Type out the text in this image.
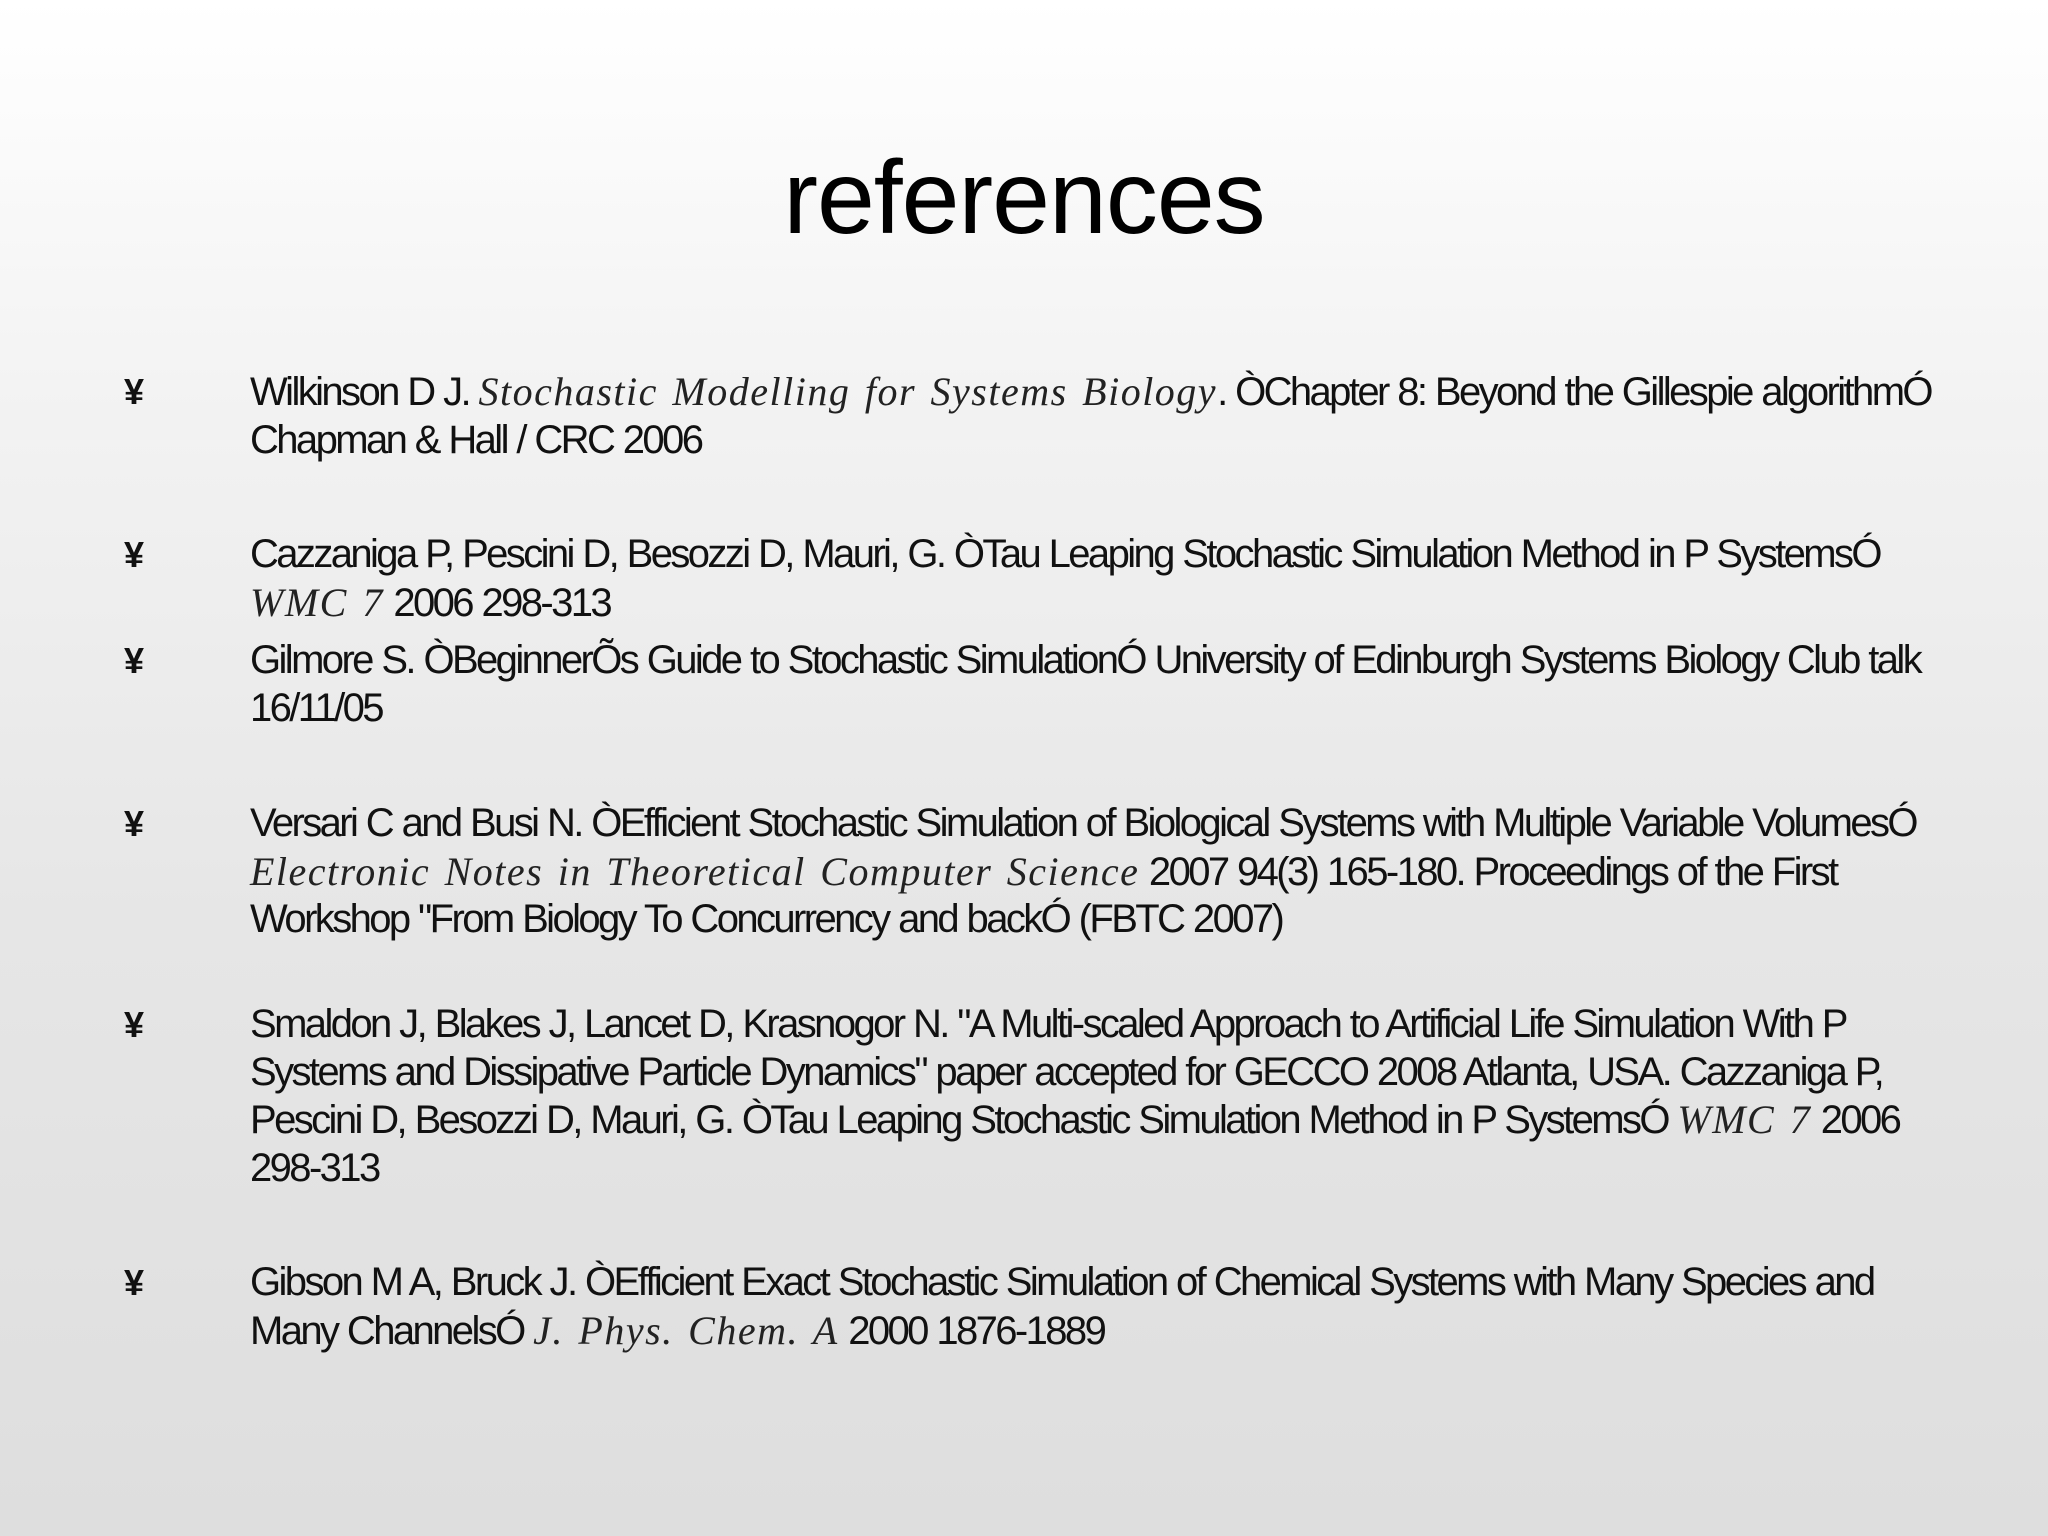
references
¥	Wilkinson D J. Stochastic Modelling for Systems Biology. ÒChapter 8: Beyond the Gillespie algorithmÓ Chapman & Hall / CRC 2006
¥	Cazzaniga P, Pescini D, Besozzi D, Mauri, G. ÒTau Leaping Stochastic Simulation Method in P SystemsÓ WMC 7 2006 298-313
¥	Gilmore S. ÒBeginnerÕs Guide to Stochastic SimulationÓ University of Edinburgh Systems Biology Club talk 16/11/05
¥	Versari C and Busi N. ÒEfficient Stochastic Simulation of Biological Systems with Multiple Variable VolumesÓ Electronic Notes in Theoretical Computer Science 2007 94(3) 165-180. Proceedings of the First Workshop "From Biology To Concurrency and backÓ (FBTC 2007)
¥	Smaldon J, Blakes J, Lancet D, Krasnogor N. "A Multi-scaled Approach to Artificial Life Simulation With P Systems and Dissipative Particle Dynamics" paper accepted for GECCO 2008 Atlanta, USA. Cazzaniga P, Pescini D, Besozzi D, Mauri, G. ÒTau Leaping Stochastic Simulation Method in P SystemsÓ WMC 7 2006 298-313
¥	Gibson M A, Bruck J. ÒEfficient Exact Stochastic Simulation of Chemical Systems with Many Species and Many ChannelsÓ J. Phys. Chem. A 2000 1876-1889
